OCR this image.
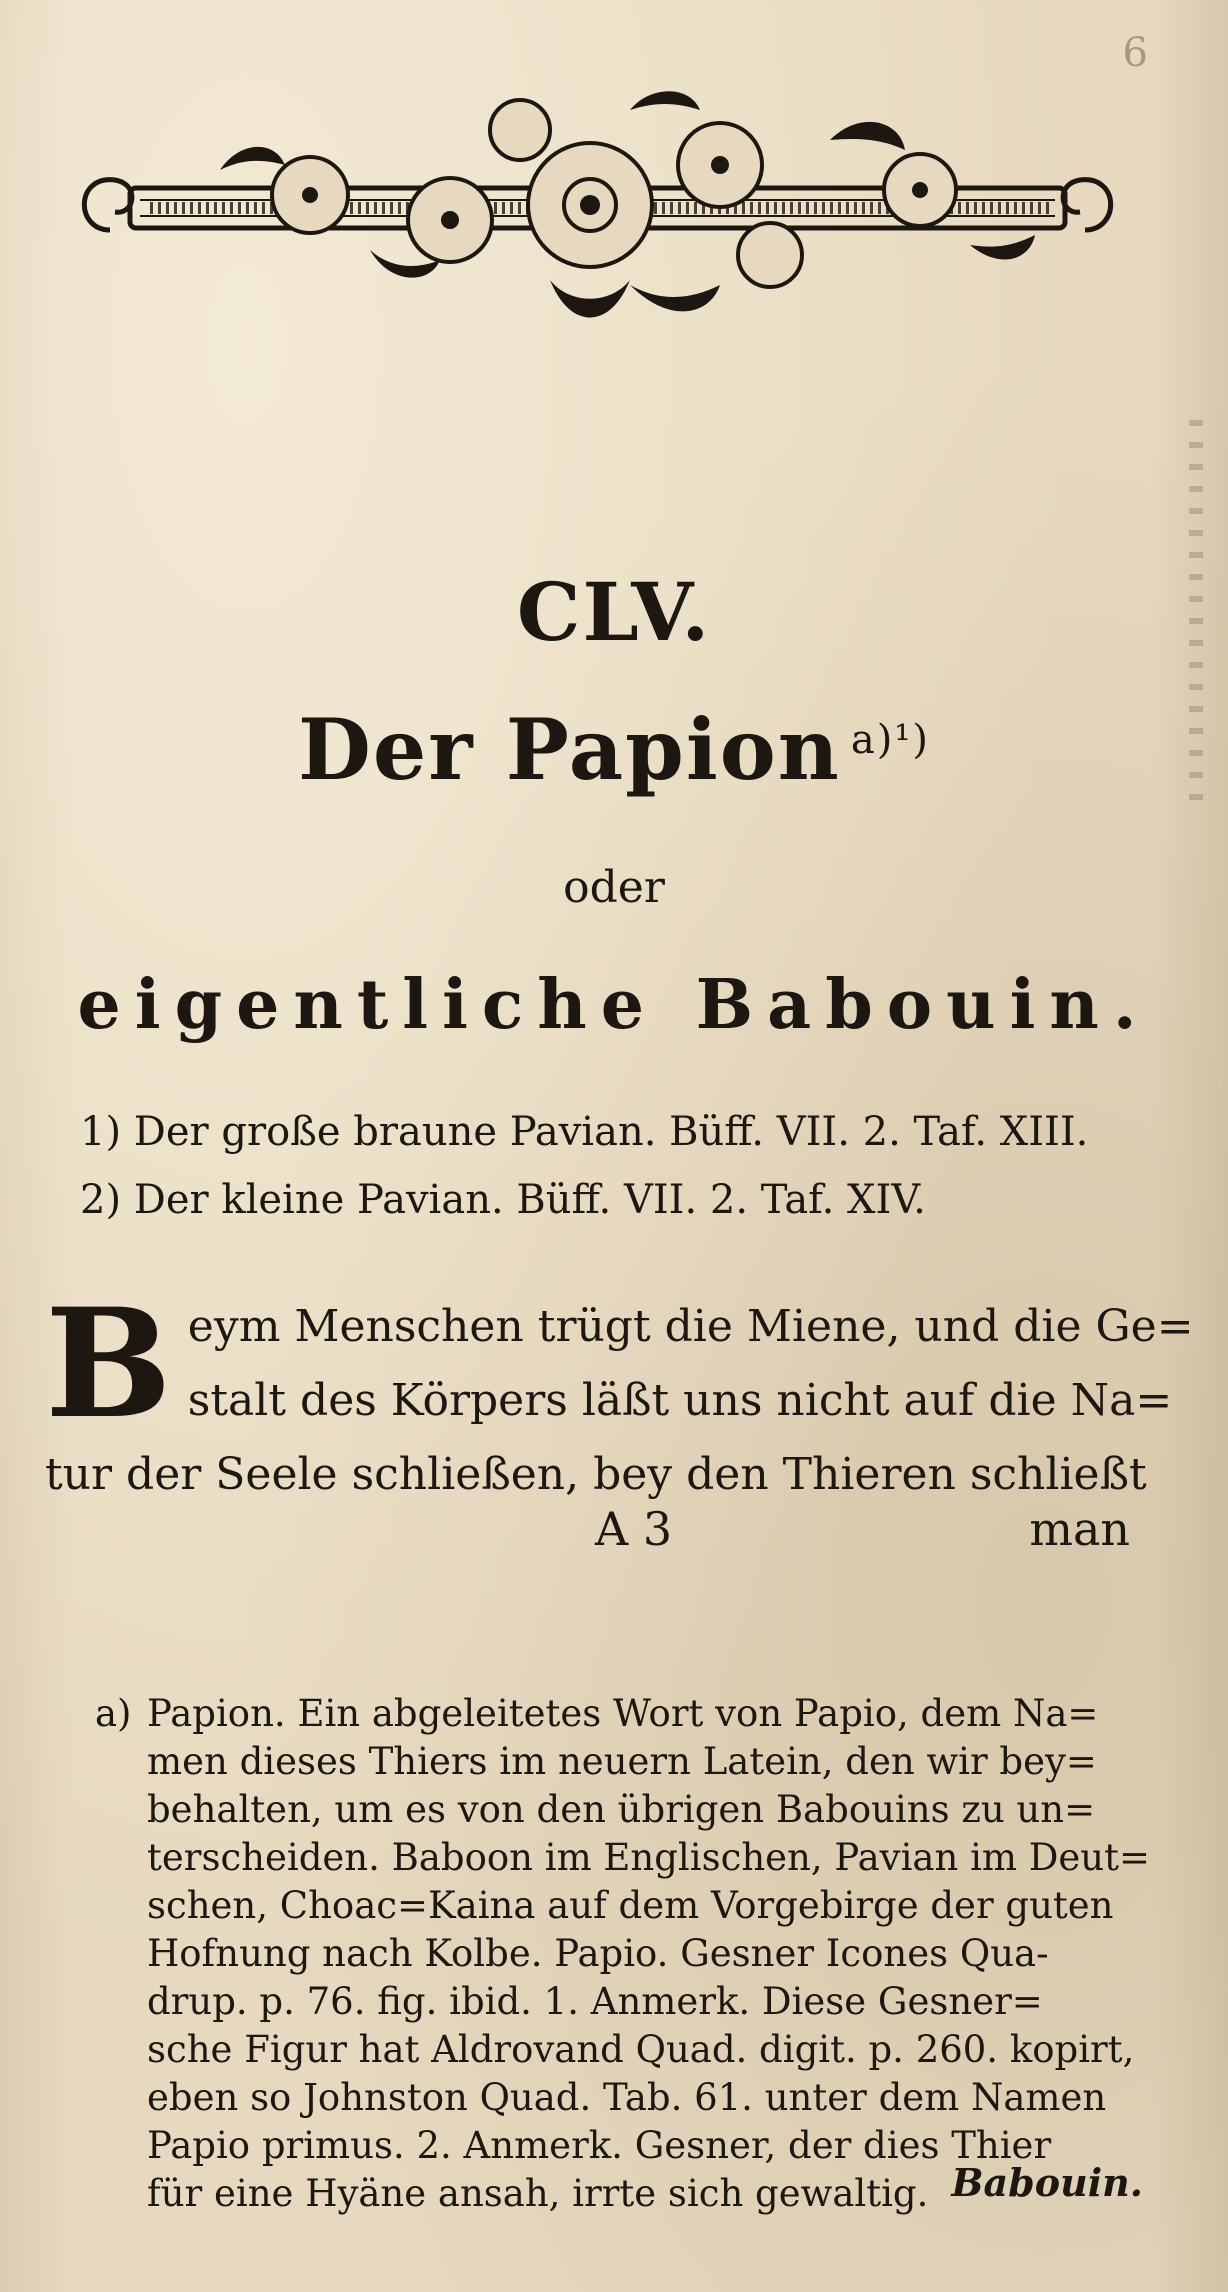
6
CLV.
Der Papion $^{a)^1)}$
oder
eigentliche Babouin.
1) Der große braune Pavian. Büff. VII. 2. Taf. XIII.
2) Der kleine Pavian. Büff. VII. 2. Taf. XIV.
B eym Menschen trügt die Miene, und die Ge=
stalt des Körpers läßt uns nicht auf die Na=
tur der Seele schließen, bey den Thieren schließt
A 3	man
a) Papion. Ein abgeleitetes Wort von Papio, dem Na=
men dieses Thiers im neuern Latein, den wir bey=
behalten, um es von den übrigen Babouins zu un=
terscheiden. Baboon im Englischen, Pavian im Deut=
schen, Choac=Kaina auf dem Vorgebirge der guten
Hofnung nach Kolbe. Papio. Gesner Icones Qua-
drup. p. 76. fig. ibid. 1. Anmerk. Diese Gesner=
sche Figur hat Aldrovand Quad. digit. p. 260. kopirt,
eben so Johnston Quad. Tab. 61. unter dem Namen
Papio primus. 2. Anmerk. Gesner, der dies Thier
für eine Hyäne ansah, irrte sich gewaltig. Babouin.
